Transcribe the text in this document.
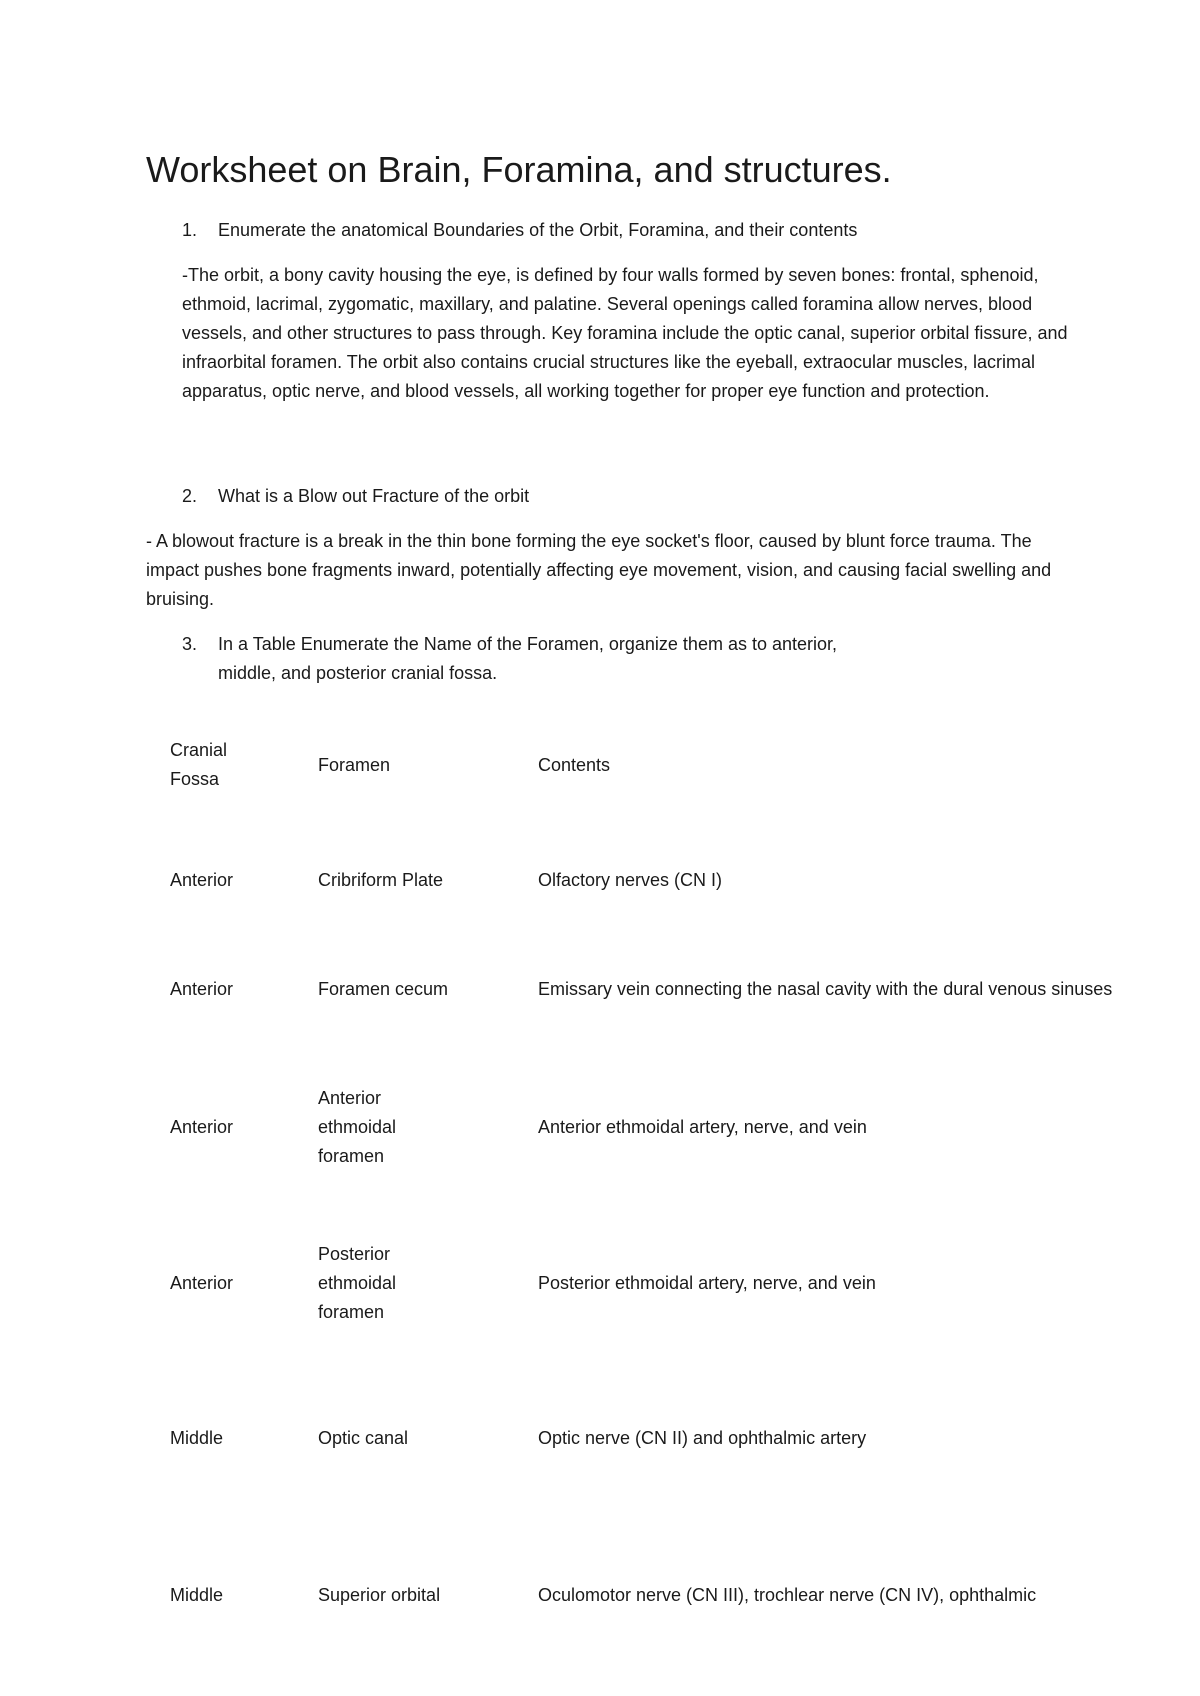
Worksheet on Brain, Foramina, and structures.
1. Enumerate the anatomical Boundaries of the Orbit, Foramina, and their contents

-The orbit, a bony cavity housing the eye, is defined by four walls formed by seven bones: frontal, sphenoid, ethmoid, lacrimal, zygomatic, maxillary, and palatine. Several openings called foramina allow nerves, blood vessels, and other structures to pass through. Key foramina include the optic canal, superior orbital fissure, and infraorbital foramen. The orbit also contains crucial structures like the eyeball, extraocular muscles, lacrimal apparatus, optic nerve, and blood vessels, all working together for proper eye function and protection.

2. What is a Blow out Fracture of the orbit

- A blowout fracture is a break in the thin bone forming the eye socket's floor, caused by blunt force trauma. The impact pushes bone fragments inward, potentially affecting eye movement, vision, and causing facial swelling and bruising.

3. In a Table Enumerate the Name of the Foramen, organize them as to anterior, middle, and posterior cranial fossa.
Cranial Fossa	Foramen	Contents
Anterior	Cribriform Plate	Olfactory nerves (CN I)
Anterior	Foramen cecum	Emissary vein connecting the nasal cavity with the dural venous sinuses
Anterior	Anterior ethmoidal foramen	Anterior ethmoidal artery, nerve, and vein
Anterior	Posterior ethmoidal foramen	Posterior ethmoidal artery, nerve, and vein
Middle	Optic canal	Optic nerve (CN II) and ophthalmic artery
Middle	Superior orbital	Oculomotor nerve (CN III), trochlear nerve (CN IV), ophthalmic
